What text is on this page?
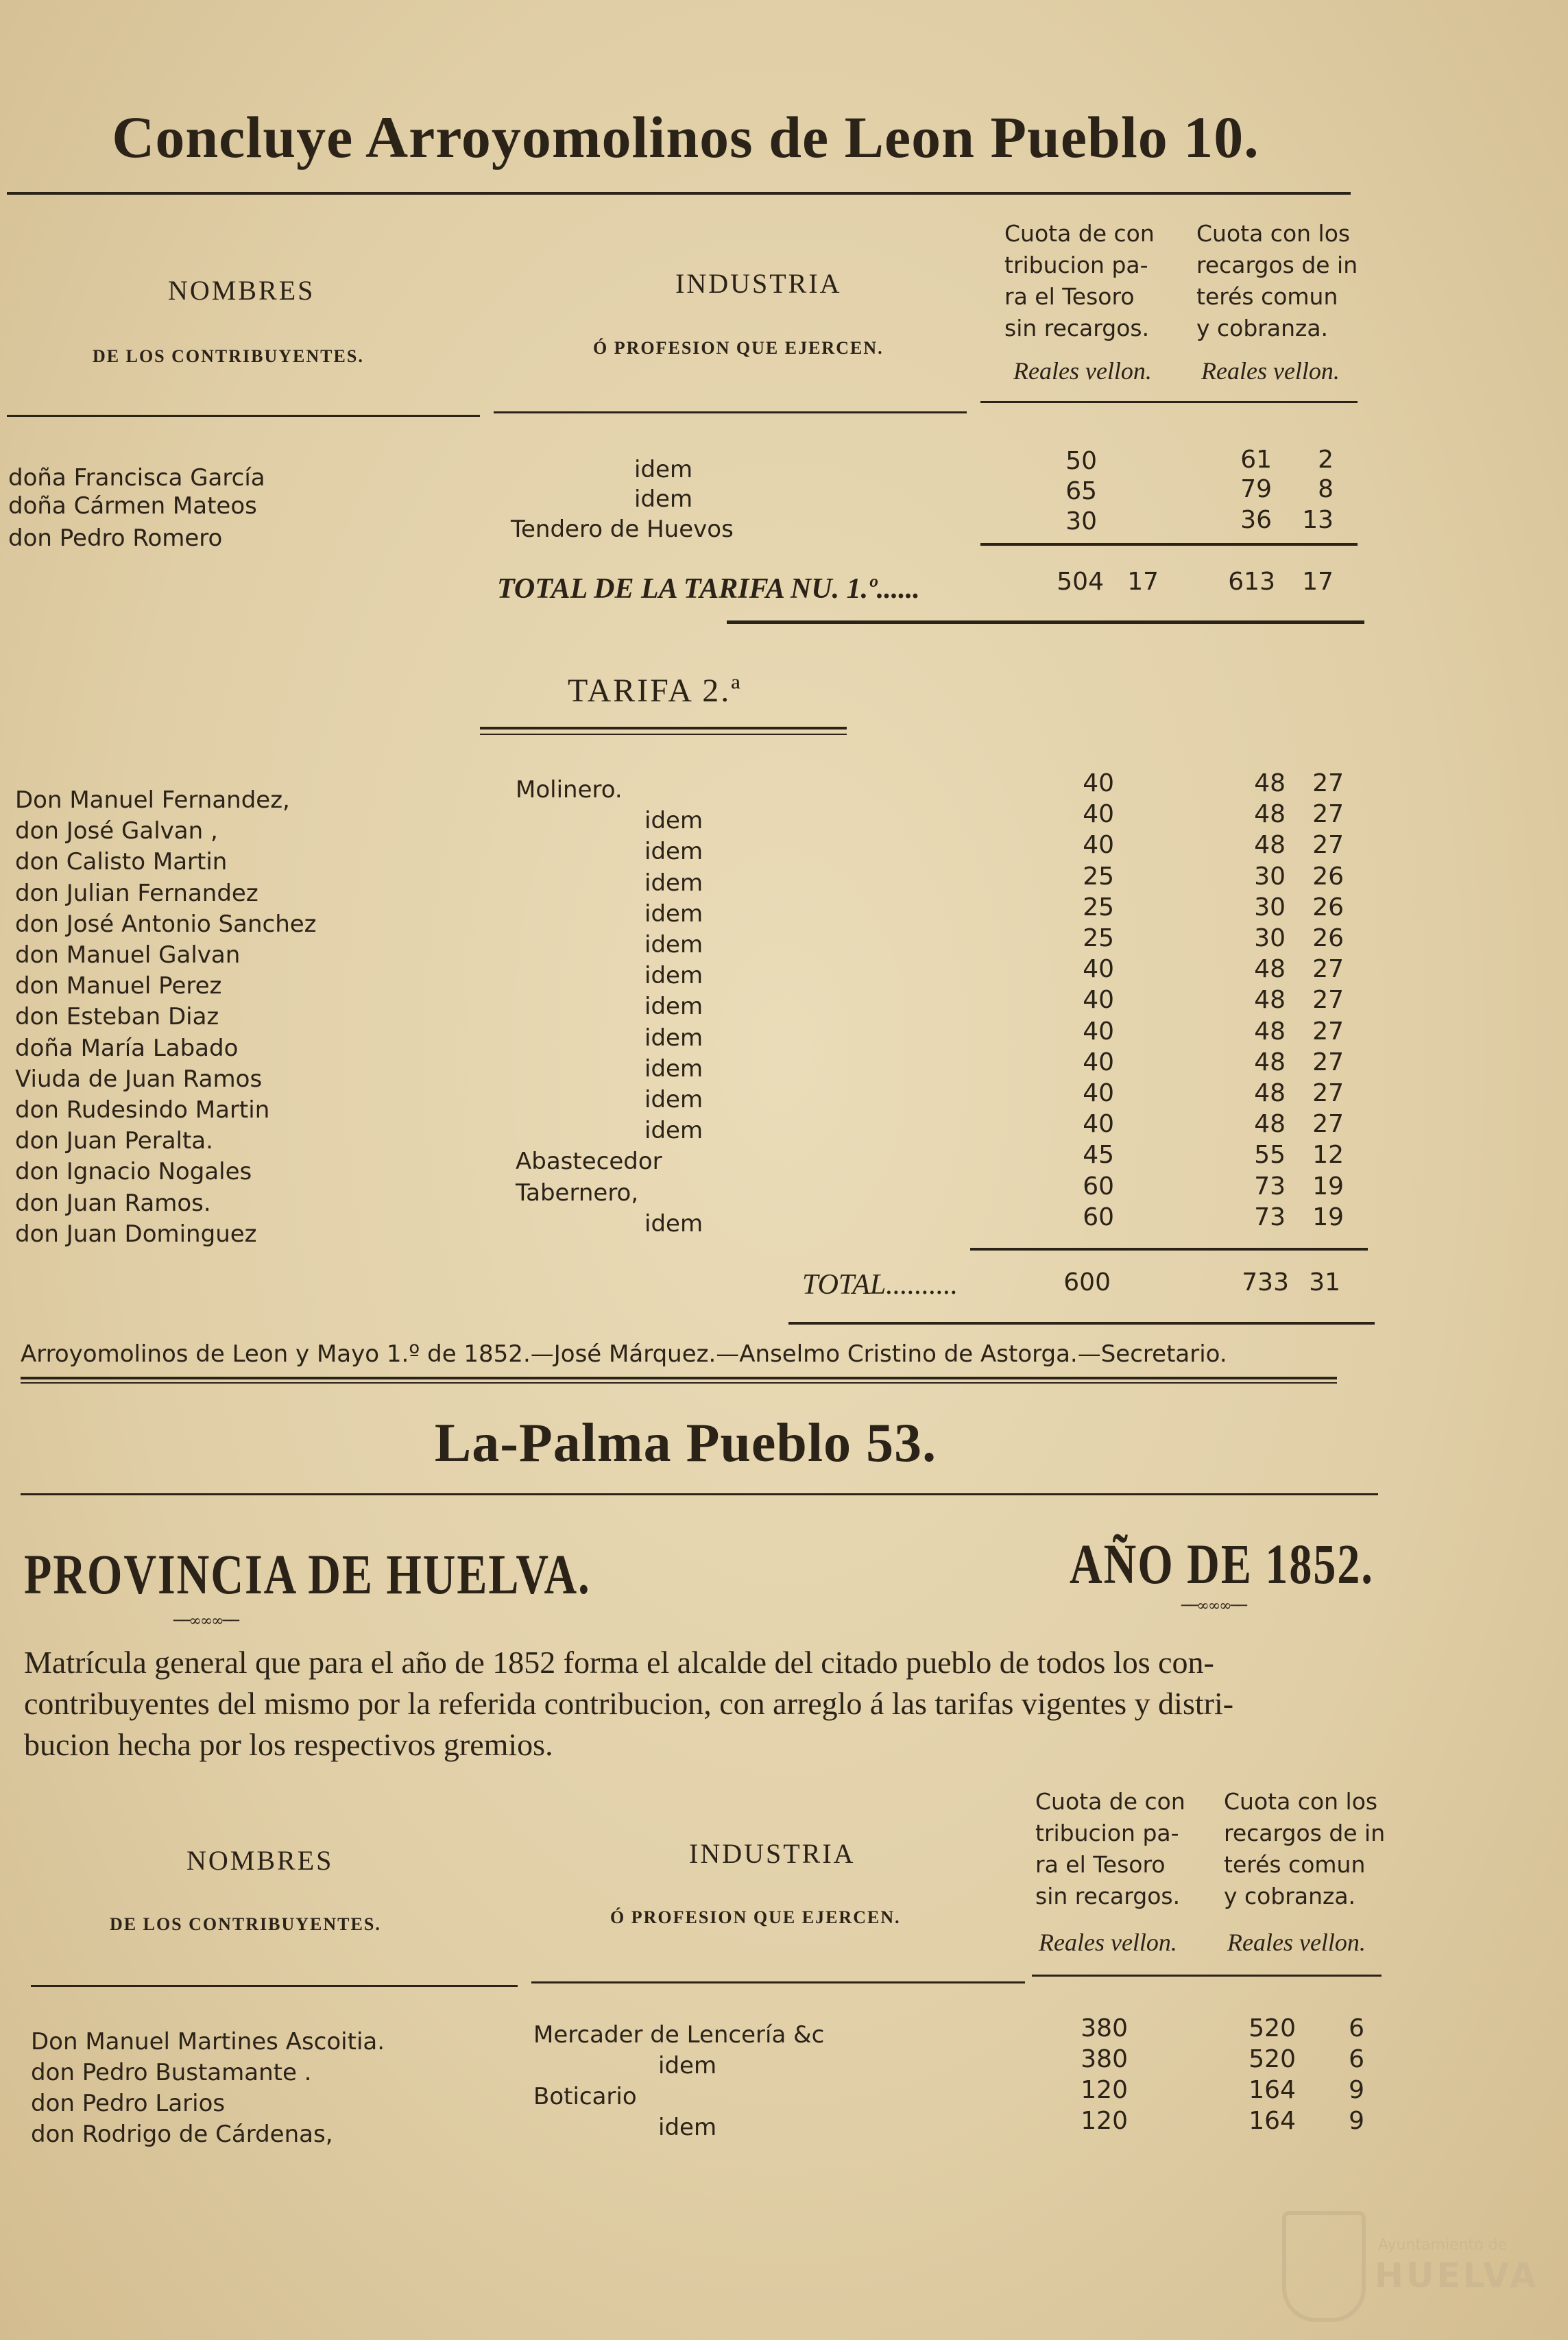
Concluye Arroyomolinos de Leon Pueblo 10.
NOMBRES
DE LOS CONTRIBUYENTES.
INDUSTRIA
Ó PROFESION QUE EJERCEN.
Cuota de con
tribucion pa-
ra el Tesoro
sin recargos.
Cuota con los
recargos de in
terés comun
y cobranza.
Reales vellon. Reales vellon.
doña Francisca García	idem	50	61	2
doña Cármen Mateos	idem	65	79	8
don Pedro Romero	Tendero de Huevos	30	36 13
TOTAL DE LA TARIFA NU. 1.º......	504 17	613 17
TARIFA 2.ª
Don Manuel Fernandez,	Molinero.	40	48 27
don José Galvan ,	idem	40	48 27
don Calisto Martin	idem	40	48 27
don Julian Fernandez	idem	25	30 26
don José Antonio Sanchez	idem	25	30 26
don Manuel Galvan	idem	25	30 26
don Manuel Perez	idem	40	48 27
don Esteban Diaz	idem	40	48 27
doña María Labado	idem	40	48 27
Viuda de Juan Ramos	idem	40	48 27
don Rudesindo Martin	idem	40	48 27
don Juan Peralta.	idem	40	48 27
don Ignacio Nogales	Abastecedor	45	55 12
don Juan Ramos.	Tabernero,	60	73 19
don Juan Dominguez	idem	60	73 19
TOTAL..........	600	733 31
Arroyomolinos de Leon y Mayo 1.º de 1852.—José Márquez.—Anselmo Cristino de Astorga.—Secretario.
La-Palma Pueblo 53.
PROVINCIA DE HUELVA.
──∞∞∞──
AÑO DE 1852.
──∞∞∞──
Matrícula general que para el año de 1852 forma el alcalde del citado pueblo de todos los con-
contribuyentes del mismo por la referida contribucion, con arreglo á las tarifas vigentes y distri-
bucion hecha por los respectivos gremios.
NOMBRES
DE LOS CONTRIBUYENTES.
INDUSTRIA
Ó PROFESION QUE EJERCEN.
Cuota de con
tribucion pa-
ra el Tesoro
sin recargos.
Cuota con los
recargos de in
terés comun
y cobranza.
Reales vellon. Reales vellon.
Don Manuel Martines Ascoitia.	Mercader de Lencería &c	380	520	6
don Pedro Bustamante .	idem	380	520	6
don Pedro Larios	Boticario	120	164	9
don Rodrigo de Cárdenas,	idem	120	164	9
Ayuntamiento de
HUELVA
